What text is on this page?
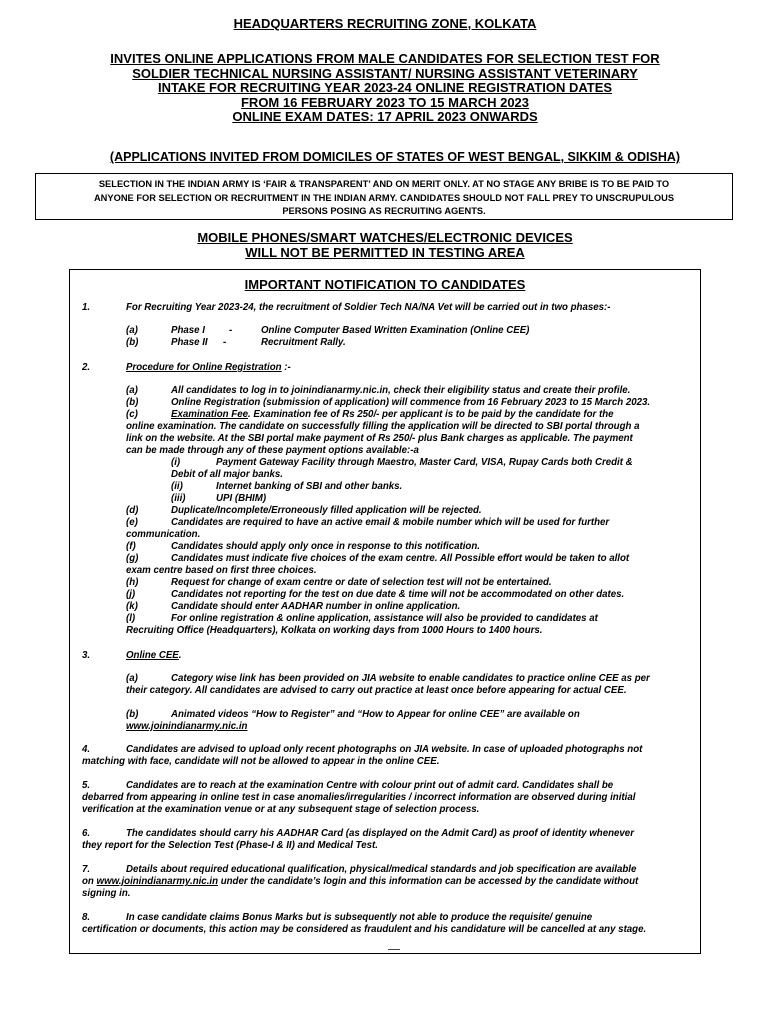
HEADQUARTERS RECRUITING ZONE, KOLKATA
INVITES ONLINE APPLICATIONS FROM MALE CANDIDATES FOR SELECTION TEST FOR
SOLDIER TECHNICAL NURSING ASSISTANT/ NURSING ASSISTANT VETERINARY
INTAKE FOR RECRUITING YEAR 2023-24 ONLINE REGISTRATION DATES
FROM 16 FEBRUARY 2023 TO 15 MARCH 2023
ONLINE EXAM DATES: 17 APRIL 2023 ONWARDS
(APPLICATIONS INVITED FROM DOMICILES OF STATES OF WEST BENGAL, SIKKIM & ODISHA)
SELECTION IN THE INDIAN ARMY IS ‘FAIR & TRANSPARENT’ AND ON MERIT ONLY. AT NO STAGE ANY BRIBE IS TO BE PAID TO
ANYONE FOR SELECTION OR RECRUITMENT IN THE INDIAN ARMY. CANDIDATES SHOULD NOT FALL PREY TO UNSCRUPULOUS
PERSONS POSING AS RECRUITING AGENTS.
MOBILE PHONES/SMART WATCHES/ELECTRONIC DEVICES
WILL NOT BE PERMITTED IN TESTING AREA
IMPORTANT NOTIFICATION TO CANDIDATES
1.	For Recruiting Year 2023-24, the recruitment of Soldier Tech NA/NA Vet will be carried out in two phases:-
(a)	Phase I -	Online Computer Based Written Examination (Online CEE)
(b)	Phase II -	Recruitment Rally.
2.	Procedure for Online Registration :-
(a)	All candidates to log in to joinindianarmy.nic.in, check their eligibility status and create their profile.
(b)	Online Registration (submission of application) will commence from 16 February 2023 to 15 March 2023.
(c)	Examination Fee. Examination fee of Rs 250/- per applicant is to be paid by the candidate for the
online examination. The candidate on successfully filling the application will be directed to SBI portal through a
link on the website. At the SBI portal make payment of Rs 250/- plus Bank charges as applicable. The payment
can be made through any of these payment options available:-a
(i)	Payment Gateway Facility through Maestro, Master Card, VISA, Rupay Cards both Credit &
Debit of all major banks.
(ii)	Internet banking of SBI and other banks.
(iii)	UPI (BHIM)
(d)	Duplicate/Incomplete/Erroneously filled application will be rejected.
(e)	Candidates are required to have an active email & mobile number which will be used for further
communication.
(f)	Candidates should apply only once in response to this notification.
(g)	Candidates must indicate five choices of the exam centre. All Possible effort would be taken to allot
exam centre based on first three choices.
(h)	Request for change of exam centre or date of selection test will not be entertained.
(j)	Candidates not reporting for the test on due date & time will not be accommodated on other dates.
(k)	Candidate should enter AADHAR number in online application.
(l)	For online registration & online application, assistance will also be provided to candidates at
Recruiting Office (Headquarters), Kolkata on working days from 1000 Hours to 1400 hours.
3.	Online CEE.
(a)	Category wise link has been provided on JIA website to enable candidates to practice online CEE as per
their category. All candidates are advised to carry out practice at least once before appearing for actual CEE.
(b)	Animated videos “How to Register” and “How to Appear for online CEE” are available on
www.joinindianarmy.nic.in
4.	Candidates are advised to upload only recent photographs on JIA website. In case of uploaded photographs not
matching with face, candidate will not be allowed to appear in the online CEE.
5.	Candidates are to reach at the examination Centre with colour print out of admit card. Candidates shall be
debarred from appearing in online test in case anomalies/irregularities / incorrect information are observed during initial
verification at the examination venue or at any subsequent stage of selection process.
6.	The candidates should carry his AADHAR Card (as displayed on the Admit Card) as proof of identity whenever
they report for the Selection Test (Phase-I & II) and Medical Test.
7.	Details about required educational qualification, physical/medical standards and job specification are available
on www.joinindianarmy.nic.in under the candidate’s login and this information can be accessed by the candidate without
signing in.
8.	In case candidate claims Bonus Marks but is subsequently not able to produce the requisite/ genuine
certification or documents, this action may be considered as fraudulent and his candidature will be cancelled at any stage.
